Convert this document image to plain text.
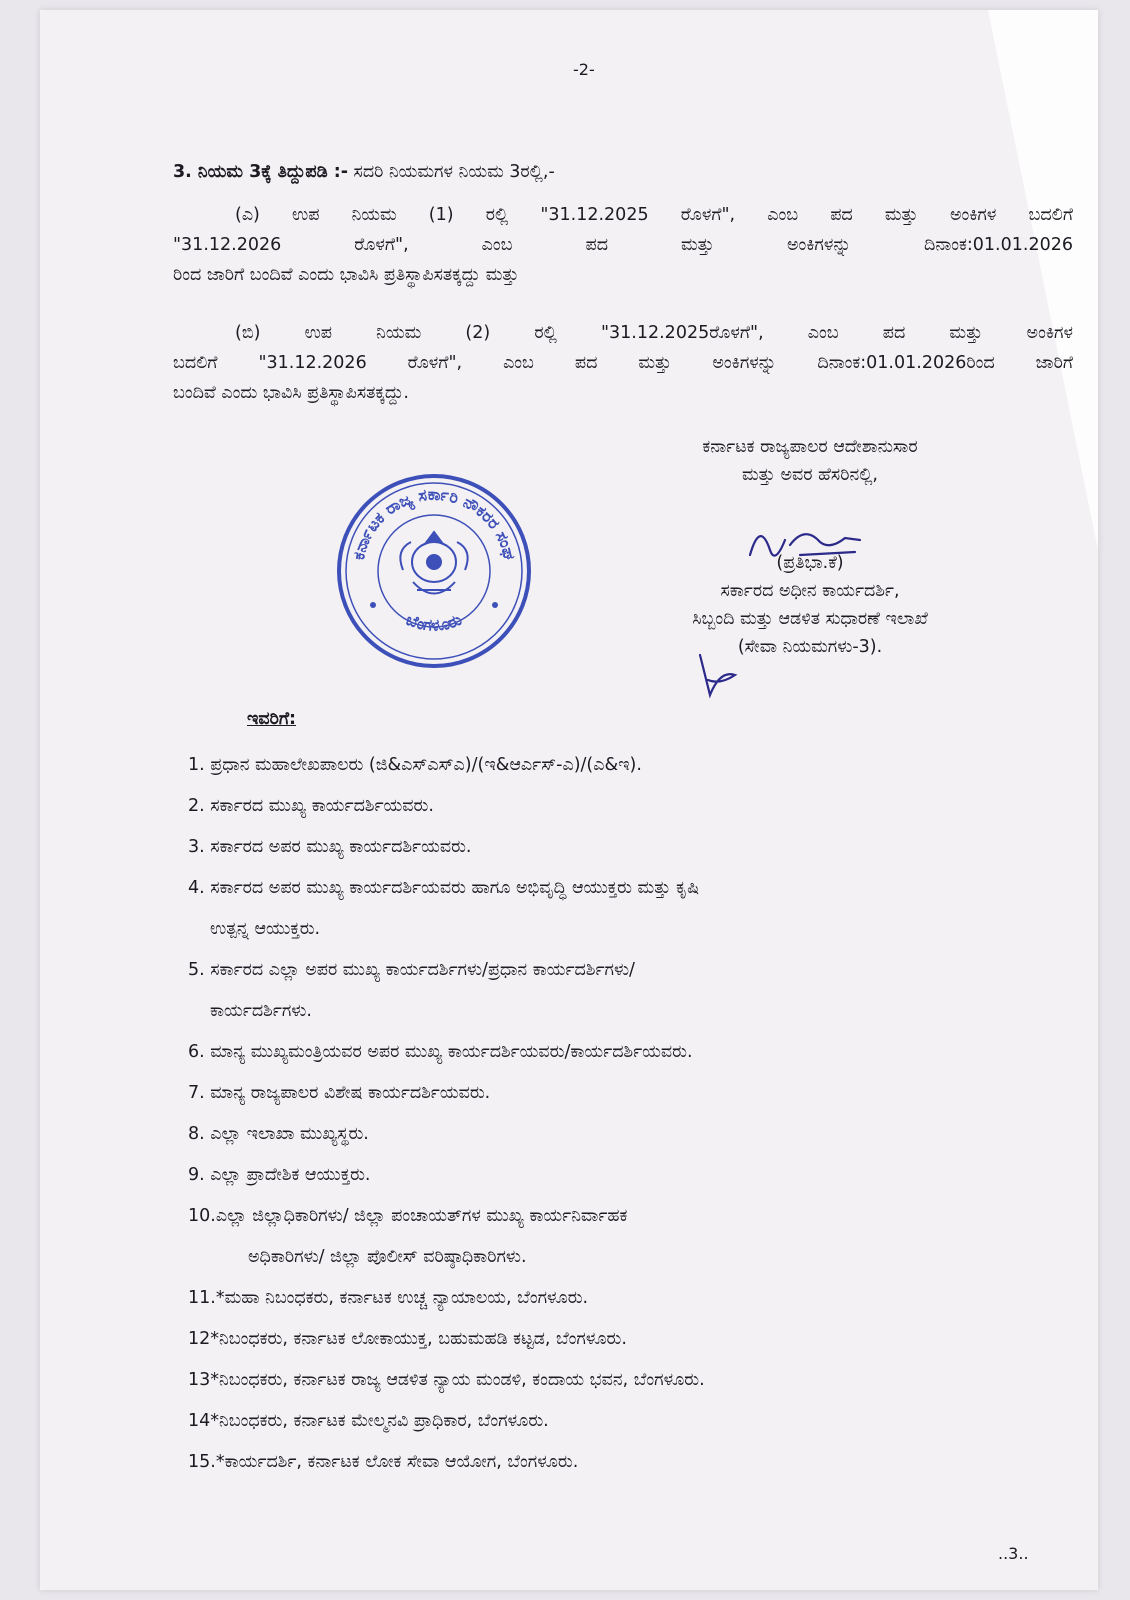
-2-
3. ನಿಯಮ 3ಕ್ಕೆ ತಿದ್ದುಪಡಿ :- ಸದರಿ ನಿಯಮಗಳ ನಿಯಮ 3ರಲ್ಲಿ,-
(ಎ) ಉಪ ನಿಯಮ (1) ರಲ್ಲಿ "31.12.2025 ರೊಳಗೆ", ಎಂಬ ಪದ ಮತ್ತು ಅಂಕಿಗಳ ಬದಲಿಗೆ
"31.12.2026 ರೊಳಗೆ", ಎಂಬ ಪದ ಮತ್ತು ಅಂಕಿಗಳನ್ನು ದಿನಾಂಕ:01.01.2026
ರಿಂದ ಜಾರಿಗೆ ಬಂದಿವೆ ಎಂದು ಭಾವಿಸಿ ಪ್ರತಿಸ್ಥಾಪಿಸತಕ್ಕದ್ದು ಮತ್ತು
(ಬಿ) ಉಪ ನಿಯಮ (2) ರಲ್ಲಿ "31.12.2025ರೊಳಗೆ", ಎಂಬ ಪದ ಮತ್ತು ಅಂಕಿಗಳ
ಬದಲಿಗೆ "31.12.2026 ರೊಳಗೆ", ಎಂಬ ಪದ ಮತ್ತು ಅಂಕಿಗಳನ್ನು ದಿನಾಂಕ:01.01.2026ರಿಂದ ಜಾರಿಗೆ
ಬಂದಿವೆ ಎಂದು ಭಾವಿಸಿ ಪ್ರತಿಸ್ಥಾಪಿಸತಕ್ಕದ್ದು.
ಕರ್ನಾಟಕ ರಾಜ್ಯ ಸರ್ಕಾರಿ ನೌಕರರ ಸಂಘ
ಬೆಂಗಳೂರು
ಕರ್ನಾಟಕ ರಾಜ್ಯಪಾಲರ ಆದೇಶಾನುಸಾರ
ಮತ್ತು ಅವರ ಹೆಸರಿನಲ್ಲಿ,
(ಪ್ರತಿಭಾ.ಕೆ)
ಸರ್ಕಾರದ ಅಧೀನ ಕಾರ್ಯದರ್ಶಿ,
ಸಿಬ್ಬಂದಿ ಮತ್ತು ಆಡಳಿತ ಸುಧಾರಣೆ ಇಲಾಖೆ
(ಸೇವಾ ನಿಯಮಗಳು-3).
ಇವರಿಗೆ:
1. ಪ್ರಧಾನ ಮಹಾಲೇಖಪಾಲರು (ಜಿ&ಎಸ್ಎಸ್ಎ)/(ಇ&ಆರ್ಎಸ್-ಎ)/(ಎ&ಇ).
2. ಸರ್ಕಾರದ ಮುಖ್ಯ ಕಾರ್ಯದರ್ಶಿಯವರು.
3. ಸರ್ಕಾರದ ಅಪರ ಮುಖ್ಯ ಕಾರ್ಯದರ್ಶಿಯವರು.
4. ಸರ್ಕಾರದ ಅಪರ ಮುಖ್ಯ ಕಾರ್ಯದರ್ಶಿಯವರು ಹಾಗೂ ಅಭಿವೃದ್ಧಿ ಆಯುಕ್ತರು ಮತ್ತು ಕೃಷಿ
ಉತ್ಪನ್ನ ಆಯುಕ್ತರು.
5. ಸರ್ಕಾರದ ಎಲ್ಲಾ ಅಪರ ಮುಖ್ಯ ಕಾರ್ಯದರ್ಶಿಗಳು/ಪ್ರಧಾನ ಕಾರ್ಯದರ್ಶಿಗಳು/
ಕಾರ್ಯದರ್ಶಿಗಳು.
6. ಮಾನ್ಯ ಮುಖ್ಯಮಂತ್ರಿಯವರ ಅಪರ ಮುಖ್ಯ ಕಾರ್ಯದರ್ಶಿಯವರು/ಕಾರ್ಯದರ್ಶಿಯವರು.
7. ಮಾನ್ಯ ರಾಜ್ಯಪಾಲರ ವಿಶೇಷ ಕಾರ್ಯದರ್ಶಿಯವರು.
8. ಎಲ್ಲಾ ಇಲಾಖಾ ಮುಖ್ಯಸ್ಥರು.
9. ಎಲ್ಲಾ ಪ್ರಾದೇಶಿಕ ಆಯುಕ್ತರು.
10.ಎಲ್ಲಾ ಜಿಲ್ಲಾಧಿಕಾರಿಗಳು/ ಜಿಲ್ಲಾ ಪಂಚಾಯತ್‌ಗಳ ಮುಖ್ಯ ಕಾರ್ಯನಿರ್ವಾಹಕ
ಅಧಿಕಾರಿಗಳು/ ಜಿಲ್ಲಾ ಪೊಲೀಸ್ ವರಿಷ್ಠಾಧಿಕಾರಿಗಳು.
11.*ಮಹಾ ನಿಬಂಧಕರು, ಕರ್ನಾಟಕ ಉಚ್ಚ ನ್ಯಾಯಾಲಯ, ಬೆಂಗಳೂರು.
12*ನಿಬಂಧಕರು, ಕರ್ನಾಟಕ ಲೋಕಾಯುಕ್ತ, ಬಹುಮಹಡಿ ಕಟ್ಟಡ, ಬೆಂಗಳೂರು.
13*ನಿಬಂಧಕರು, ಕರ್ನಾಟಕ ರಾಜ್ಯ ಆಡಳಿತ ನ್ಯಾಯ ಮಂಡಳಿ, ಕಂದಾಯ ಭವನ, ಬೆಂಗಳೂರು.
14*ನಿಬಂಧಕರು, ಕರ್ನಾಟಕ ಮೇಲ್ಮನವಿ ಪ್ರಾಧಿಕಾರ, ಬೆಂಗಳೂರು.
15.*ಕಾರ್ಯದರ್ಶಿ, ಕರ್ನಾಟಕ ಲೋಕ ಸೇವಾ ಆಯೋಗ, ಬೆಂಗಳೂರು.
..3..
